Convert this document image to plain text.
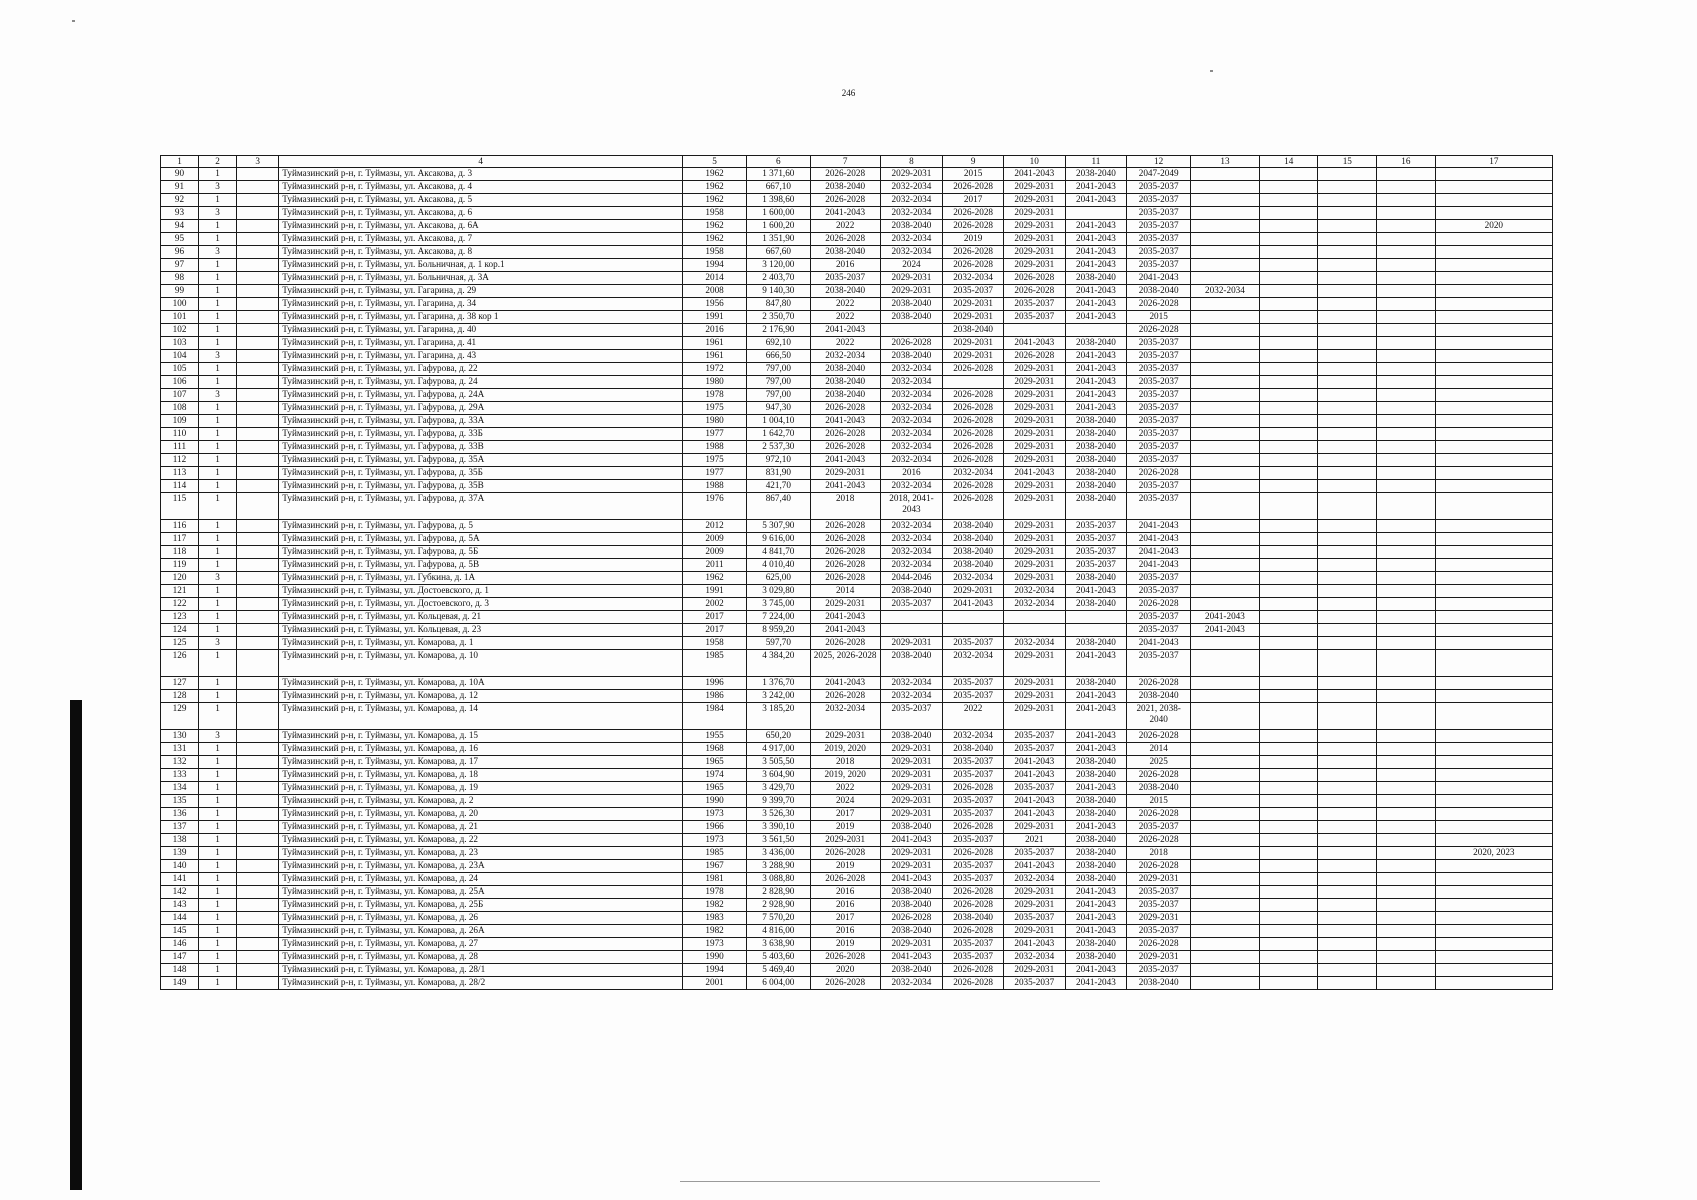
246
1	2	3	4	5	6	7	8	9	10	11	12	13	14	15	16	17
90	1		Туймазинский р-н, г. Туймазы, ул. Аксакова, д. 3	1962	1 371,60	2026-2028	2029-2031	2015	2041-2043	2038-2040	2047-2049					
91	3		Туймазинский р-н, г. Туймазы, ул. Аксакова, д. 4	1962	667,10	2038-2040	2032-2034	2026-2028	2029-2031	2041-2043	2035-2037					
92	1		Туймазинский р-н, г. Туймазы, ул. Аксакова, д. 5	1962	1 398,60	2026-2028	2032-2034	2017	2029-2031	2041-2043	2035-2037					
93	3		Туймазинский р-н, г. Туймазы, ул. Аксакова, д. 6	1958	1 600,00	2041-2043	2032-2034	2026-2028	2029-2031		2035-2037					
94	1		Туймазинский р-н, г. Туймазы, ул. Аксакова, д. 6А	1962	1 600,20	2022	2038-2040	2026-2028	2029-2031	2041-2043	2035-2037					2020
95	1		Туймазинский р-н, г. Туймазы, ул. Аксакова, д. 7	1962	1 351,90	2026-2028	2032-2034	2019	2029-2031	2041-2043	2035-2037					
96	3		Туймазинский р-н, г. Туймазы, ул. Аксакова, д. 8	1958	667,60	2038-2040	2032-2034	2026-2028	2029-2031	2041-2043	2035-2037					
97	1		Туймазинский р-н, г. Туймазы, ул. Больничная, д. 1 кор.1	1994	3 120,00	2016	2024	2026-2028	2029-2031	2041-2043	2035-2037					
98	1		Туймазинский р-н, г. Туймазы, ул. Больничная, д. 3А	2014	2 403,70	2035-2037	2029-2031	2032-2034	2026-2028	2038-2040	2041-2043					
99	1		Туймазинский р-н, г. Туймазы, ул. Гагарина, д. 29	2008	9 140,30	2038-2040	2029-2031	2035-2037	2026-2028	2041-2043	2038-2040	2032-2034				
100	1		Туймазинский р-н, г. Туймазы, ул. Гагарина, д. 34	1956	847,80	2022	2038-2040	2029-2031	2035-2037	2041-2043	2026-2028					
101	1		Туймазинский р-н, г. Туймазы, ул. Гагарина, д. 38 кор 1	1991	2 350,70	2022	2038-2040	2029-2031	2035-2037	2041-2043	2015					
102	1		Туймазинский р-н, г. Туймазы, ул. Гагарина, д. 40	2016	2 176,90	2041-2043		2038-2040			2026-2028					
103	1		Туймазинский р-н, г. Туймазы, ул. Гагарина, д. 41	1961	692,10	2022	2026-2028	2029-2031	2041-2043	2038-2040	2035-2037					
104	3		Туймазинский р-н, г. Туймазы, ул. Гагарина, д. 43	1961	666,50	2032-2034	2038-2040	2029-2031	2026-2028	2041-2043	2035-2037					
105	1		Туймазинский р-н, г. Туймазы, ул. Гафурова, д. 22	1972	797,00	2038-2040	2032-2034	2026-2028	2029-2031	2041-2043	2035-2037					
106	1		Туймазинский р-н, г. Туймазы, ул. Гафурова, д. 24	1980	797,00	2038-2040	2032-2034		2029-2031	2041-2043	2035-2037					
107	3		Туймазинский р-н, г. Туймазы, ул. Гафурова, д. 24А	1978	797,00	2038-2040	2032-2034	2026-2028	2029-2031	2041-2043	2035-2037					
108	1		Туймазинский р-н, г. Туймазы, ул. Гафурова, д. 29А	1975	947,30	2026-2028	2032-2034	2026-2028	2029-2031	2041-2043	2035-2037					
109	1		Туймазинский р-н, г. Туймазы, ул. Гафурова, д. 33А	1980	1 004,10	2041-2043	2032-2034	2026-2028	2029-2031	2038-2040	2035-2037					
110	1		Туймазинский р-н, г. Туймазы, ул. Гафурова, д. 33Б	1977	1 642,70	2026-2028	2032-2034	2026-2028	2029-2031	2038-2040	2035-2037					
111	1		Туймазинский р-н, г. Туймазы, ул. Гафурова, д. 33В	1988	2 537,30	2026-2028	2032-2034	2026-2028	2029-2031	2038-2040	2035-2037					
112	1		Туймазинский р-н, г. Туймазы, ул. Гафурова, д. 35А	1975	972,10	2041-2043	2032-2034	2026-2028	2029-2031	2038-2040	2035-2037					
113	1		Туймазинский р-н, г. Туймазы, ул. Гафурова, д. 35Б	1977	831,90	2029-2031	2016	2032-2034	2041-2043	2038-2040	2026-2028					
114	1		Туймазинский р-н, г. Туймазы, ул. Гафурова, д. 35В	1988	421,70	2041-2043	2032-2034	2026-2028	2029-2031	2038-2040	2035-2037					
115	1		Туймазинский р-н, г. Туймазы, ул. Гафурова, д. 37А	1976	867,40	2018	2018, 2041-2043	2026-2028	2029-2031	2038-2040	2035-2037					
116	1		Туймазинский р-н, г. Туймазы, ул. Гафурова, д. 5	2012	5 307,90	2026-2028	2032-2034	2038-2040	2029-2031	2035-2037	2041-2043					
117	1		Туймазинский р-н, г. Туймазы, ул. Гафурова, д. 5А	2009	9 616,00	2026-2028	2032-2034	2038-2040	2029-2031	2035-2037	2041-2043					
118	1		Туймазинский р-н, г. Туймазы, ул. Гафурова, д. 5Б	2009	4 841,70	2026-2028	2032-2034	2038-2040	2029-2031	2035-2037	2041-2043					
119	1		Туймазинский р-н, г. Туймазы, ул. Гафурова, д. 5В	2011	4 010,40	2026-2028	2032-2034	2038-2040	2029-2031	2035-2037	2041-2043					
120	3		Туймазинский р-н, г. Туймазы, ул. Губкина, д. 1А	1962	625,00	2026-2028	2044-2046	2032-2034	2029-2031	2038-2040	2035-2037					
121	1		Туймазинский р-н, г. Туймазы, ул. Достоевского, д. 1	1991	3 029,80	2014	2038-2040	2029-2031	2032-2034	2041-2043	2035-2037					
122	1		Туймазинский р-н, г. Туймазы, ул. Достоевского, д. 3	2002	3 745,00	2029-2031	2035-2037	2041-2043	2032-2034	2038-2040	2026-2028					
123	1		Туймазинский р-н, г. Туймазы, ул. Кольцевая, д. 21	2017	7 224,00	2041-2043					2035-2037	2041-2043				
124	1		Туймазинский р-н, г. Туймазы, ул. Кольцевая, д. 23	2017	8 959,20	2041-2043					2035-2037	2041-2043				
125	3		Туймазинский р-н, г. Туймазы, ул. Комарова, д. 1	1958	597,70	2026-2028	2029-2031	2035-2037	2032-2034	2038-2040	2041-2043					
126	1		Туймазинский р-н, г. Туймазы, ул. Комарова, д. 10	1985	4 384,20	2025, 2026-2028	2038-2040	2032-2034	2029-2031	2041-2043	2035-2037					
127	1		Туймазинский р-н, г. Туймазы, ул. Комарова, д. 10А	1996	1 376,70	2041-2043	2032-2034	2035-2037	2029-2031	2038-2040	2026-2028					
128	1		Туймазинский р-н, г. Туймазы, ул. Комарова, д. 12	1986	3 242,00	2026-2028	2032-2034	2035-2037	2029-2031	2041-2043	2038-2040					
129	1		Туймазинский р-н, г. Туймазы, ул. Комарова, д. 14	1984	3 185,20	2032-2034	2035-2037	2022	2029-2031	2041-2043	2021, 2038-2040					
130	3		Туймазинский р-н, г. Туймазы, ул. Комарова, д. 15	1955	650,20	2029-2031	2038-2040	2032-2034	2035-2037	2041-2043	2026-2028					
131	1		Туймазинский р-н, г. Туймазы, ул. Комарова, д. 16	1968	4 917,00	2019, 2020	2029-2031	2038-2040	2035-2037	2041-2043	2014					
132	1		Туймазинский р-н, г. Туймазы, ул. Комарова, д. 17	1965	3 505,50	2018	2029-2031	2035-2037	2041-2043	2038-2040	2025					
133	1		Туймазинский р-н, г. Туймазы, ул. Комарова, д. 18	1974	3 604,90	2019, 2020	2029-2031	2035-2037	2041-2043	2038-2040	2026-2028					
134	1		Туймазинский р-н, г. Туймазы, ул. Комарова, д. 19	1965	3 429,70	2022	2029-2031	2026-2028	2035-2037	2041-2043	2038-2040					
135	1		Туймазинский р-н, г. Туймазы, ул. Комарова, д. 2	1990	9 399,70	2024	2029-2031	2035-2037	2041-2043	2038-2040	2015					
136	1		Туймазинский р-н, г. Туймазы, ул. Комарова, д. 20	1973	3 526,30	2017	2029-2031	2035-2037	2041-2043	2038-2040	2026-2028					
137	1		Туймазинский р-н, г. Туймазы, ул. Комарова, д. 21	1966	3 390,10	2019	2038-2040	2026-2028	2029-2031	2041-2043	2035-2037					
138	1		Туймазинский р-н, г. Туймазы, ул. Комарова, д. 22	1973	3 561,50	2029-2031	2041-2043	2035-2037	2021	2038-2040	2026-2028					
139	1		Туймазинский р-н, г. Туймазы, ул. Комарова, д. 23	1985	3 436,00	2026-2028	2029-2031	2026-2028	2035-2037	2038-2040	2018					2020, 2023
140	1		Туймазинский р-н, г. Туймазы, ул. Комарова, д. 23А	1967	3 288,90	2019	2029-2031	2035-2037	2041-2043	2038-2040	2026-2028					
141	1		Туймазинский р-н, г. Туймазы, ул. Комарова, д. 24	1981	3 088,80	2026-2028	2041-2043	2035-2037	2032-2034	2038-2040	2029-2031					
142	1		Туймазинский р-н, г. Туймазы, ул. Комарова, д. 25А	1978	2 828,90	2016	2038-2040	2026-2028	2029-2031	2041-2043	2035-2037					
143	1		Туймазинский р-н, г. Туймазы, ул. Комарова, д. 25Б	1982	2 928,90	2016	2038-2040	2026-2028	2029-2031	2041-2043	2035-2037					
144	1		Туймазинский р-н, г. Туймазы, ул. Комарова, д. 26	1983	7 570,20	2017	2026-2028	2038-2040	2035-2037	2041-2043	2029-2031					
145	1		Туймазинский р-н, г. Туймазы, ул. Комарова, д. 26А	1982	4 816,00	2016	2038-2040	2026-2028	2029-2031	2041-2043	2035-2037					
146	1		Туймазинский р-н, г. Туймазы, ул. Комарова, д. 27	1973	3 638,90	2019	2029-2031	2035-2037	2041-2043	2038-2040	2026-2028					
147	1		Туймазинский р-н, г. Туймазы, ул. Комарова, д. 28	1990	5 403,60	2026-2028	2041-2043	2035-2037	2032-2034	2038-2040	2029-2031					
148	1		Туймазинский р-н, г. Туймазы, ул. Комарова, д. 28/1	1994	5 469,40	2020	2038-2040	2026-2028	2029-2031	2041-2043	2035-2037					
149	1		Туймазинский р-н, г. Туймазы, ул. Комарова, д. 28/2	2001	6 004,00	2026-2028	2032-2034	2026-2028	2035-2037	2041-2043	2038-2040					
